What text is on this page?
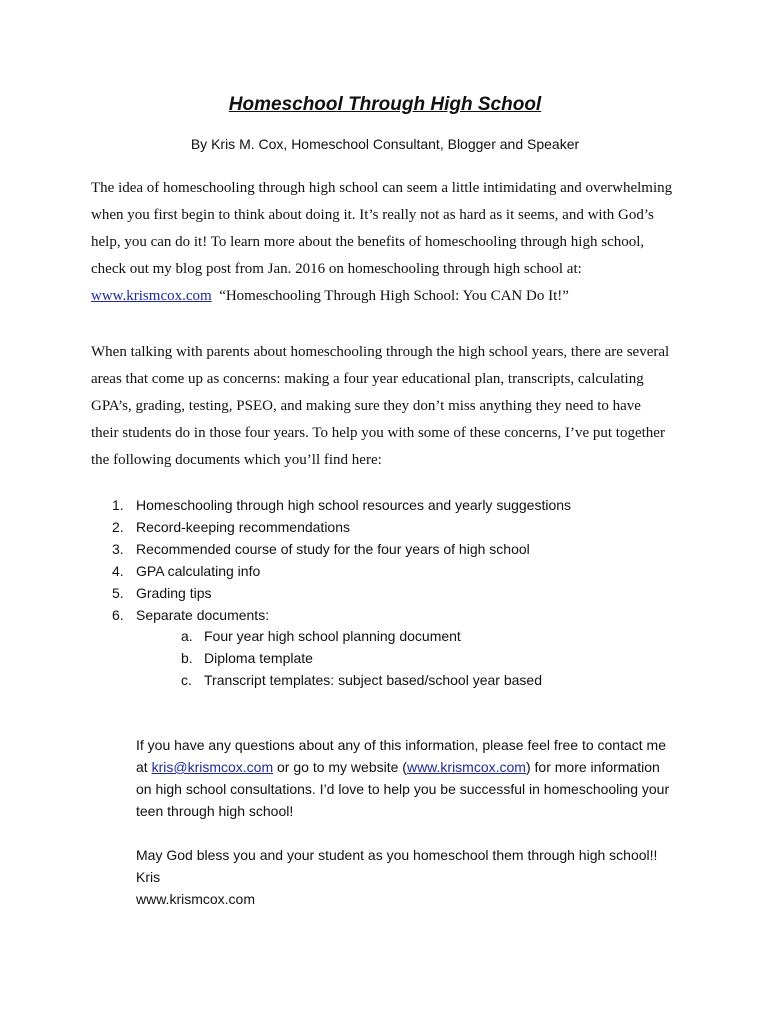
Homeschool Through High School
By Kris M. Cox, Homeschool Consultant, Blogger and Speaker
The idea of homeschooling through high school can seem a little intimidating and overwhelming
when you first begin to think about doing it. It’s really not as hard as it seems, and with God’s
help, you can do it! To learn more about the benefits of homeschooling through high school,
check out my blog post from Jan. 2016 on homeschooling through high school at:
www.krismcox.com  “Homeschooling Through High School: You CAN Do It!”
When talking with parents about homeschooling through the high school years, there are several
areas that come up as concerns: making a four year educational plan, transcripts, calculating
GPA’s, grading, testing, PSEO, and making sure they don’t miss anything they need to have
their students do in those four years. To help you with some of these concerns, I’ve put together
the following documents which you’ll find here:
1. Homeschooling through high school resources and yearly suggestions
2. Record-keeping recommendations
3. Recommended course of study for the four years of high school
4. GPA calculating info
5. Grading tips
6. Separate documents:
a. Four year high school planning document
b. Diploma template
c. Transcript templates: subject based/school year based
If you have any questions about any of this information, please feel free to contact me
at kris@krismcox.com or go to my website (www.krismcox.com) for more information
on high school consultations. I’d love to help you be successful in homeschooling your
teen through high school!
May God bless you and your student as you homeschool them through high school!!
Kris
www.krismcox.com
